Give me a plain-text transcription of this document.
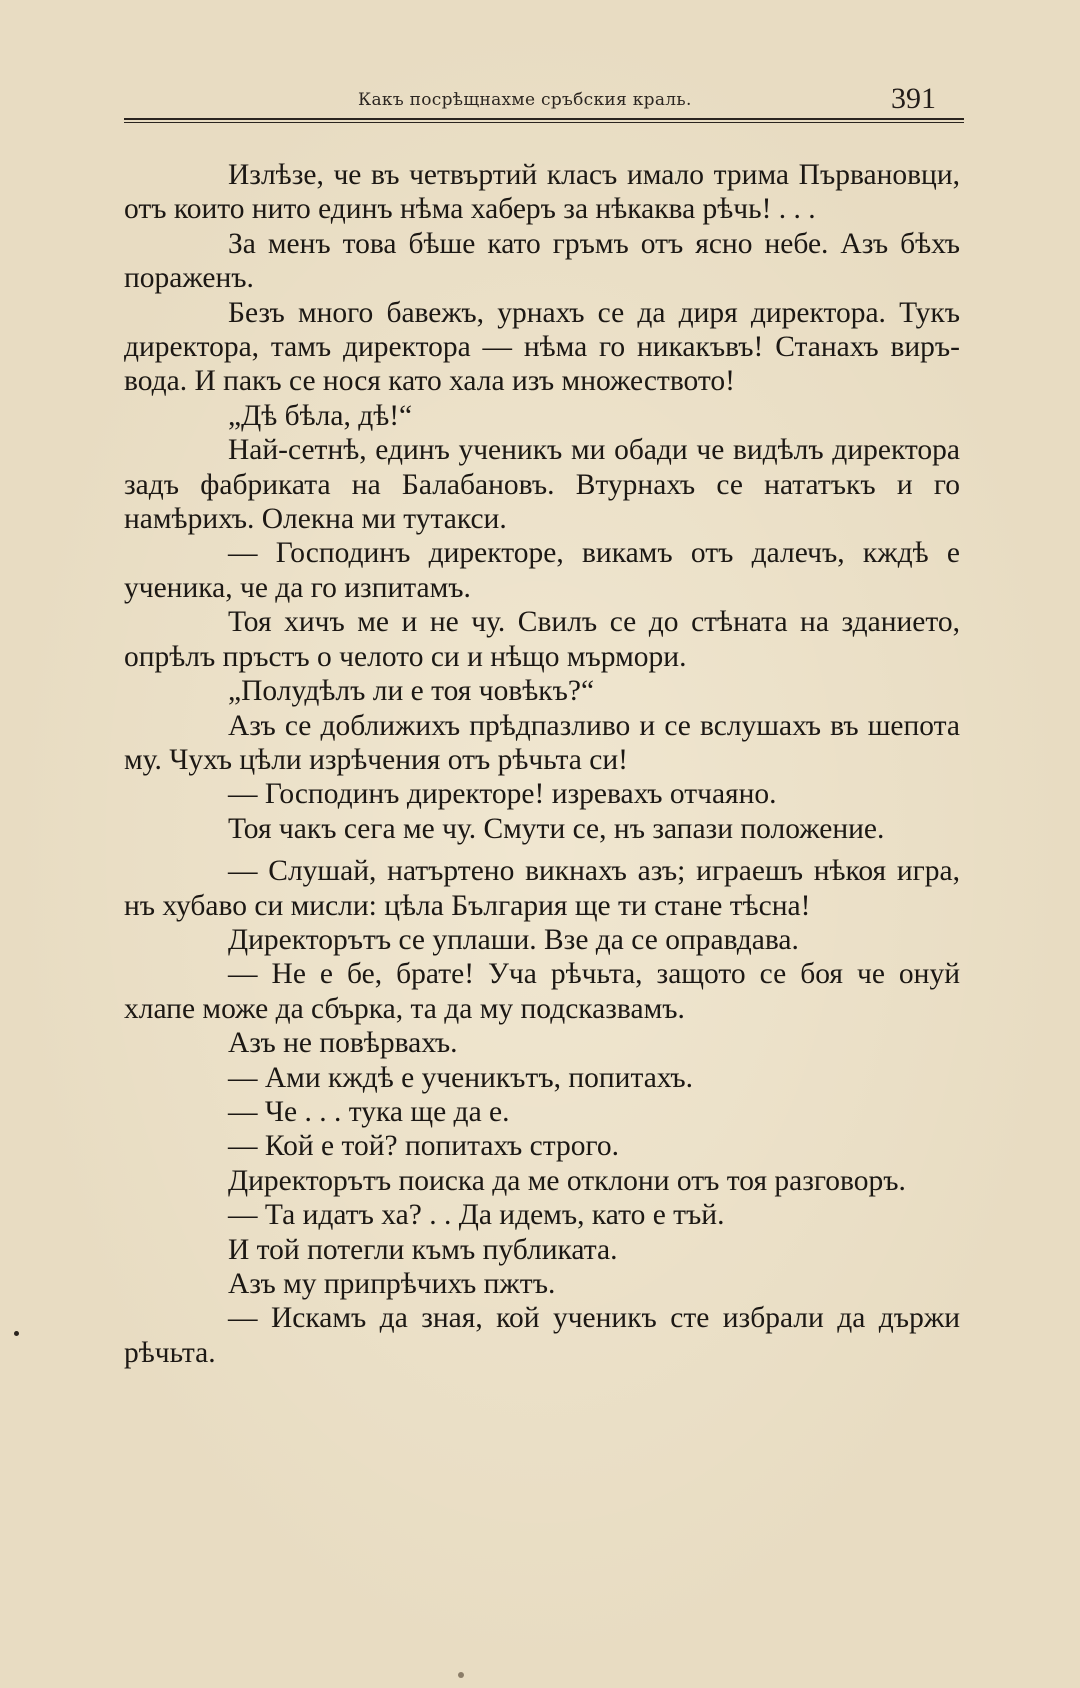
Какъ посрѣщнахме сръбския краль.	391

Излѣзе, че въ четвъртий класъ имало трима Първановци, отъ които нито единъ нѣма хаберъ за нѣкаква рѣчь! . . .

За менъ това бѣше като гръмъ отъ ясно небе. Азъ бѣхъ пораженъ.

Безъ много бавежъ, урнахъ се да диря директора. Тукъ директора, тамъ директора — нѣма го никакъвъ! Станахъ виръ-вода. И пакъ се нося като хала изъ множеството!

„Дѣ бѣла, дѣ!“

Най-сетнѣ, единъ ученикъ ми обади че видѣлъ директора задъ фабриката на Балабановъ. Втурнахъ се нататъкъ и го намѣрихъ. Олекна ми тутакси.

— Господинъ директоре, викамъ отъ далечъ, кждѣ е ученика, че да го изпитамъ.

Тоя хичъ ме и не чу. Свилъ се до стѣната на зданието, опрѣлъ пръстъ о челото си и нѣщо мърмори.

„Полудѣлъ ли е тоя човѣкъ?“

Азъ се доближихъ прѣдпазливо и се вслушахъ въ шепота му. Чухъ цѣли изрѣчения отъ рѣчьта си!

— Господинъ директоре! изревахъ отчаяно.

Тоя чакъ сега ме чу. Смути се, нъ запази положение.

— Слушай, натъртено викнахъ азъ; играешъ нѣкоя игра, нъ хубаво си мисли: цѣла България ще ти стане тѣсна!

Директорътъ се уплаши. Взе да се оправдава.

— Не е бе, брате! Уча рѣчьта, защото се боя че онуй хлапе може да сбърка, та да му подсказвамъ.

Азъ не повѣрвахъ.

— Ами кждѣ е ученикътъ, попитахъ.

— Че . . . тука ще да е.

— Кой е той? попитахъ строго.

Директорътъ поиска да ме отклони отъ тоя разговоръ.

— Та идатъ ха? . . Да идемъ, като е тъй.

И той потегли къмъ публиката.

Азъ му припрѣчихъ пжтъ.

— Искамъ да зная, кой ученикъ сте избрали да държи рѣчьта.
